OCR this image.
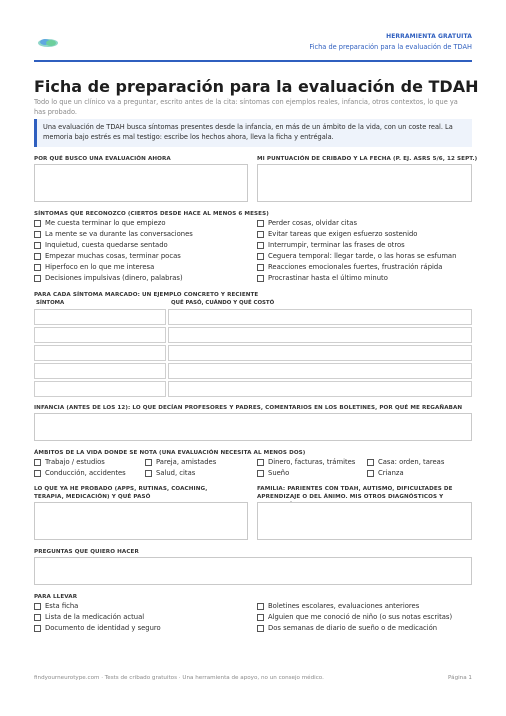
HERRAMIENTA GRATUITA
Ficha de preparación para la evaluación de TDAH
Ficha de preparación para la evaluación de TDAH
Todo lo que un clínico va a preguntar, escrito antes de la cita: síntomas con ejemplos reales, infancia, otros contextos, lo que ya has probado.
Una evaluación de TDAH busca síntomas presentes desde la infancia, en más de un ámbito de la vida, con un coste real. La memoria bajo estrés es mal testigo: escribe los hechos ahora, lleva la ficha y entrégala.
POR QUÉ BUSCO UNA EVALUACIÓN AHORA	MI PUNTUACIÓN DE CRIBADO Y LA FECHA (P. EJ. ASRS 5/6, 12 SEPT.)
SÍNTOMAS QUE RECONOZCO (CIERTOS DESDE HACE AL MENOS 6 MESES)
Me cuesta terminar lo que empiezo
La mente se va durante las conversaciones
Inquietud, cuesta quedarse sentado
Empezar muchas cosas, terminar pocas
Hiperfoco en lo que me interesa
Decisiones impulsivas (dinero, palabras)
Perder cosas, olvidar citas
Evitar tareas que exigen esfuerzo sostenido
Interrumpir, terminar las frases de otros
Ceguera temporal: llegar tarde, o las horas se esfuman
Reacciones emocionales fuertes, frustración rápida
Procrastinar hasta el último minuto
PARA CADA SÍNTOMA MARCADO: UN EJEMPLO CONCRETO Y RECIENTE
SÍNTOMA	QUÉ PASÓ, CUÁNDO Y QUÉ COSTÓ
INFANCIA (ANTES DE LOS 12): LO QUE DECÍAN PROFESORES Y PADRES, COMENTARIOS EN LOS BOLETINES, POR QUÉ ME REGAÑABAN
ÁMBITOS DE LA VIDA DONDE SE NOTA (UNA EVALUACIÓN NECESITA AL MENOS DOS)
Trabajo / estudios	Pareja, amistades	Dinero, facturas, trámites	Casa: orden, tareas
Conducción, accidentes	Salud, citas	Sueño	Crianza
LO QUE YA HE PROBADO (APPS, RUTINAS, COACHING, TERAPIA, MEDICACIÓN) Y QUÉ PASÓ
FAMILIA: PARIENTES CON TDAH, AUTISMO, DIFICULTADES DE APRENDIZAJE O DEL ÁNIMO. MIS OTROS DIAGNÓSTICOS Y
PREGUNTAS QUE QUIERO HACER
PARA LLEVAR
Esta ficha
Lista de la medicación actual
Documento de identidad y seguro
Boletines escolares, evaluaciones anteriores
Alguien que me conoció de niño (o sus notas escritas)
Dos semanas de diario de sueño o de medicación
findyourneurotype.com · Tests de cribado gratuitos · Una herramienta de apoyo, no un consejo médico.	Página 1
